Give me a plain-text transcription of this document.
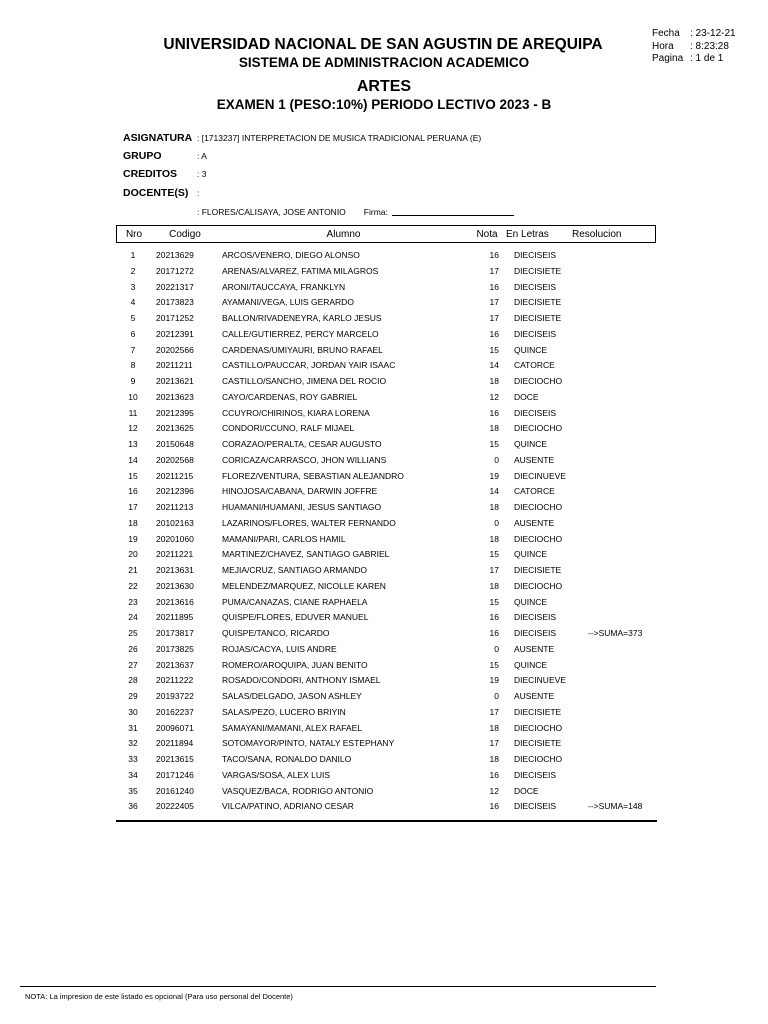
Fecha	: 23-12-21
Hora	: 8:23:28
Pagina : 1 de 1
UNIVERSIDAD NACIONAL DE SAN AGUSTIN DE AREQUIPA
SISTEMA DE ADMINISTRACION ACADEMICO
ARTES
EXAMEN 1 (PESO:10%) PERIODO LECTIVO 2023 - B
ASIGNATURA : [1713237] INTERPRETACION DE MUSICA TRADICIONAL PERUANA (E)
GRUPO	: A
CREDITOS	: 3
DOCENTE(S)	:
: FLORES/CALISAYA, JOSE ANTONIO Firma:
Nro	Codigo	Alumno	Nota	En Letras	Resolucion
1	20213629	ARCOS/VENERO, DIEGO ALONSO	16 DIECISEIS
2	20171272	ARENAS/ALVAREZ, FATIMA MILAGROS	17 DIECISIETE
3	20221317	ARONI/TAUCCAYA, FRANKLYN	16 DIECISEIS
4	20173823	AYAMANI/VEGA, LUIS GERARDO	17 DIECISIETE
5	20171252	BALLON/RIVADENEYRA, KARLO JESUS	17 DIECISIETE
6	20212391	CALLE/GUTIERREZ, PERCY MARCELO	16 DIECISEIS
7	20202566	CARDENAS/UMIYAURI, BRUNO RAFAEL	15 QUINCE
8	20211211	CASTILLO/PAUCCAR, JORDAN YAIR ISAAC	14 CATORCE
9	20213621	CASTILLO/SANCHO, JIMENA DEL ROCIO	18 DIECIOCHO
10	20213623	CAYO/CARDENAS, ROY GABRIEL	12 DOCE
11	20212395	CCUYRO/CHIRINOS, KIARA LORENA	16 DIECISEIS
12	20213625	CONDORI/CCUNO, RALF MIJAEL	18 DIECIOCHO
13	20150648	CORAZAO/PERALTA, CESAR AUGUSTO	15 QUINCE
14	20202568	CORICAZA/CARRASCO, JHON WILLIANS	0 AUSENTE
15	20211215	FLOREZ/VENTURA, SEBASTIAN ALEJANDRO	19 DIECINUEVE
16	20212396	HINOJOSA/CABANA, DARWIN JOFFRE	14 CATORCE
17	20211213	HUAMANI/HUAMANI, JESUS SANTIAGO	18 DIECIOCHO
18	20102163	LAZARINOS/FLORES, WALTER FERNANDO	0 AUSENTE
19	20201060	MAMANI/PARI, CARLOS HAMIL	18 DIECIOCHO
20	20211221	MARTINEZ/CHAVEZ, SANTIAGO GABRIEL	15 QUINCE
21	20213631	MEJIA/CRUZ, SANTIAGO ARMANDO	17 DIECISIETE
22	20213630	MELENDEZ/MARQUEZ, NICOLLE KAREN	18 DIECIOCHO
23	20213616	PUMA/CANAZAS, CIANE RAPHAELA	15 QUINCE
24	20211895	QUISPE/FLORES, EDUVER MANUEL	16 DIECISEIS
25	20173817	QUISPE/TANCO, RICARDO	16 DIECISEIS	-->SUMA=373
26	20173825	ROJAS/CACYA, LUIS ANDRE	0 AUSENTE
27	20213637	ROMERO/AROQUIPA, JUAN BENITO	15 QUINCE
28	20211222	ROSADO/CONDORI, ANTHONY ISMAEL	19 DIECINUEVE
29	20193722	SALAS/DELGADO, JASON ASHLEY	0 AUSENTE
30	20162237	SALAS/PEZO, LUCERO BRIYIN	17 DIECISIETE
31	20096071	SAMAYANI/MAMANI, ALEX RAFAEL	18 DIECIOCHO
32	20211894	SOTOMAYOR/PINTO, NATALY ESTEPHANY	17 DIECISIETE
33	20213615	TACO/SANA, RONALDO DANILO	18 DIECIOCHO
34	20171246	VARGAS/SOSA, ALEX LUIS	16 DIECISEIS
35	20161240	VASQUEZ/BACA, RODRIGO ANTONIO	12 DOCE
36	20222405	VILCA/PATINO, ADRIANO CESAR	16 DIECISEIS	-->SUMA=148
NOTA: La impresion de este listado es opcional (Para uso personal del Docente)
